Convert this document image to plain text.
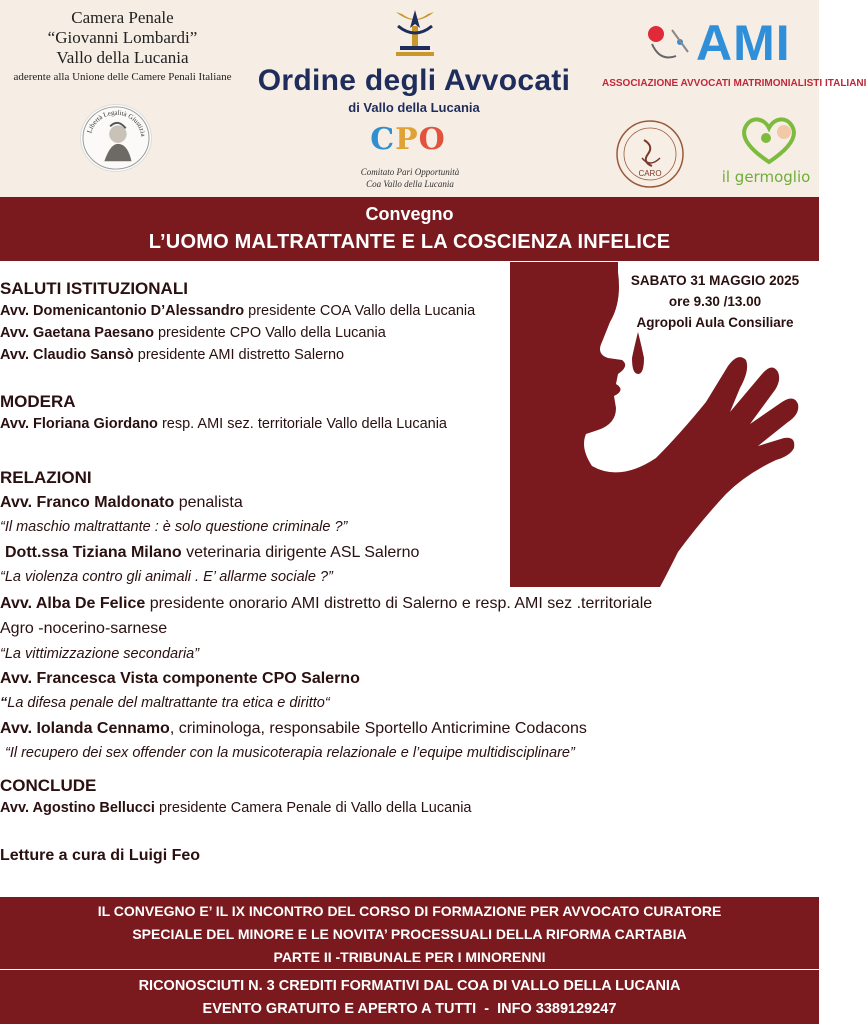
Camera Penale
“Giovanni Lombardi”
Vallo della Lucania
aderente alla Unione delle Camere Penali Italiane
Libertà Legalità Giustizia
Ordine degli Avvocati
di Vallo della Lucania
CPO
Comitato Pari Opportunità
Coa Vallo della Lucania
AMI
ASSOCIAZIONE AVVOCATI MATRIMONIALISTI ITALIANI
CARO	il germoglio
Convegno
L’UOMO MALTRATTANTE E LA COSCIENZA INFELICE
SABATO 31 MAGGIO 2025
ore 9.30 /13.00
Agropoli Aula Consiliare
SALUTI ISTITUZIONALI
Avv. Domenicantonio D’Alessandro presidente COA Vallo della Lucania
Avv. Gaetana Paesano presidente CPO Vallo della Lucania
Avv. Claudio Sansò presidente AMI distretto Salerno
MODERA
Avv. Floriana Giordano resp. AMI sez. territoriale Vallo della Lucania
RELAZIONI
Avv. Franco Maldonato penalista
“Il maschio maltrattante : è solo questione criminale ?”
Dott.ssa Tiziana Milano veterinaria dirigente ASL Salerno
“La violenza contro gli animali . E’ allarme sociale ?”
Avv. Alba De Felice presidente onorario AMI distretto di Salerno e resp. AMI sez .territoriale
Agro -nocerino-sarnese
“La vittimizzazione secondaria”
Avv. Francesca Vista componente CPO Salerno
“La difesa penale del maltrattante tra etica e diritto“
Avv. Iolanda Cennamo, criminologa, responsabile Sportello Anticrimine Codacons
“Il recupero dei sex offender con la musicoterapia relazionale e l’equipe multidisciplinare”
CONCLUDE
Avv. Agostino Bellucci presidente Camera Penale di Vallo della Lucania
Letture a cura di Luigi Feo
IL CONVEGNO E’ IL IX INCONTRO DEL CORSO DI FORMAZIONE PER AVVOCATO CURATORE
SPECIALE DEL MINORE E LE NOVITA’ PROCESSUALI DELLA RIFORMA CARTABIA
PARTE II -TRIBUNALE PER I MINORENNI
RICONOSCIUTI N. 3 CREDITI FORMATIVI DAL COA DI VALLO DELLA LUCANIA
EVENTO GRATUITO E APERTO A TUTTI  -  INFO 3389129247
